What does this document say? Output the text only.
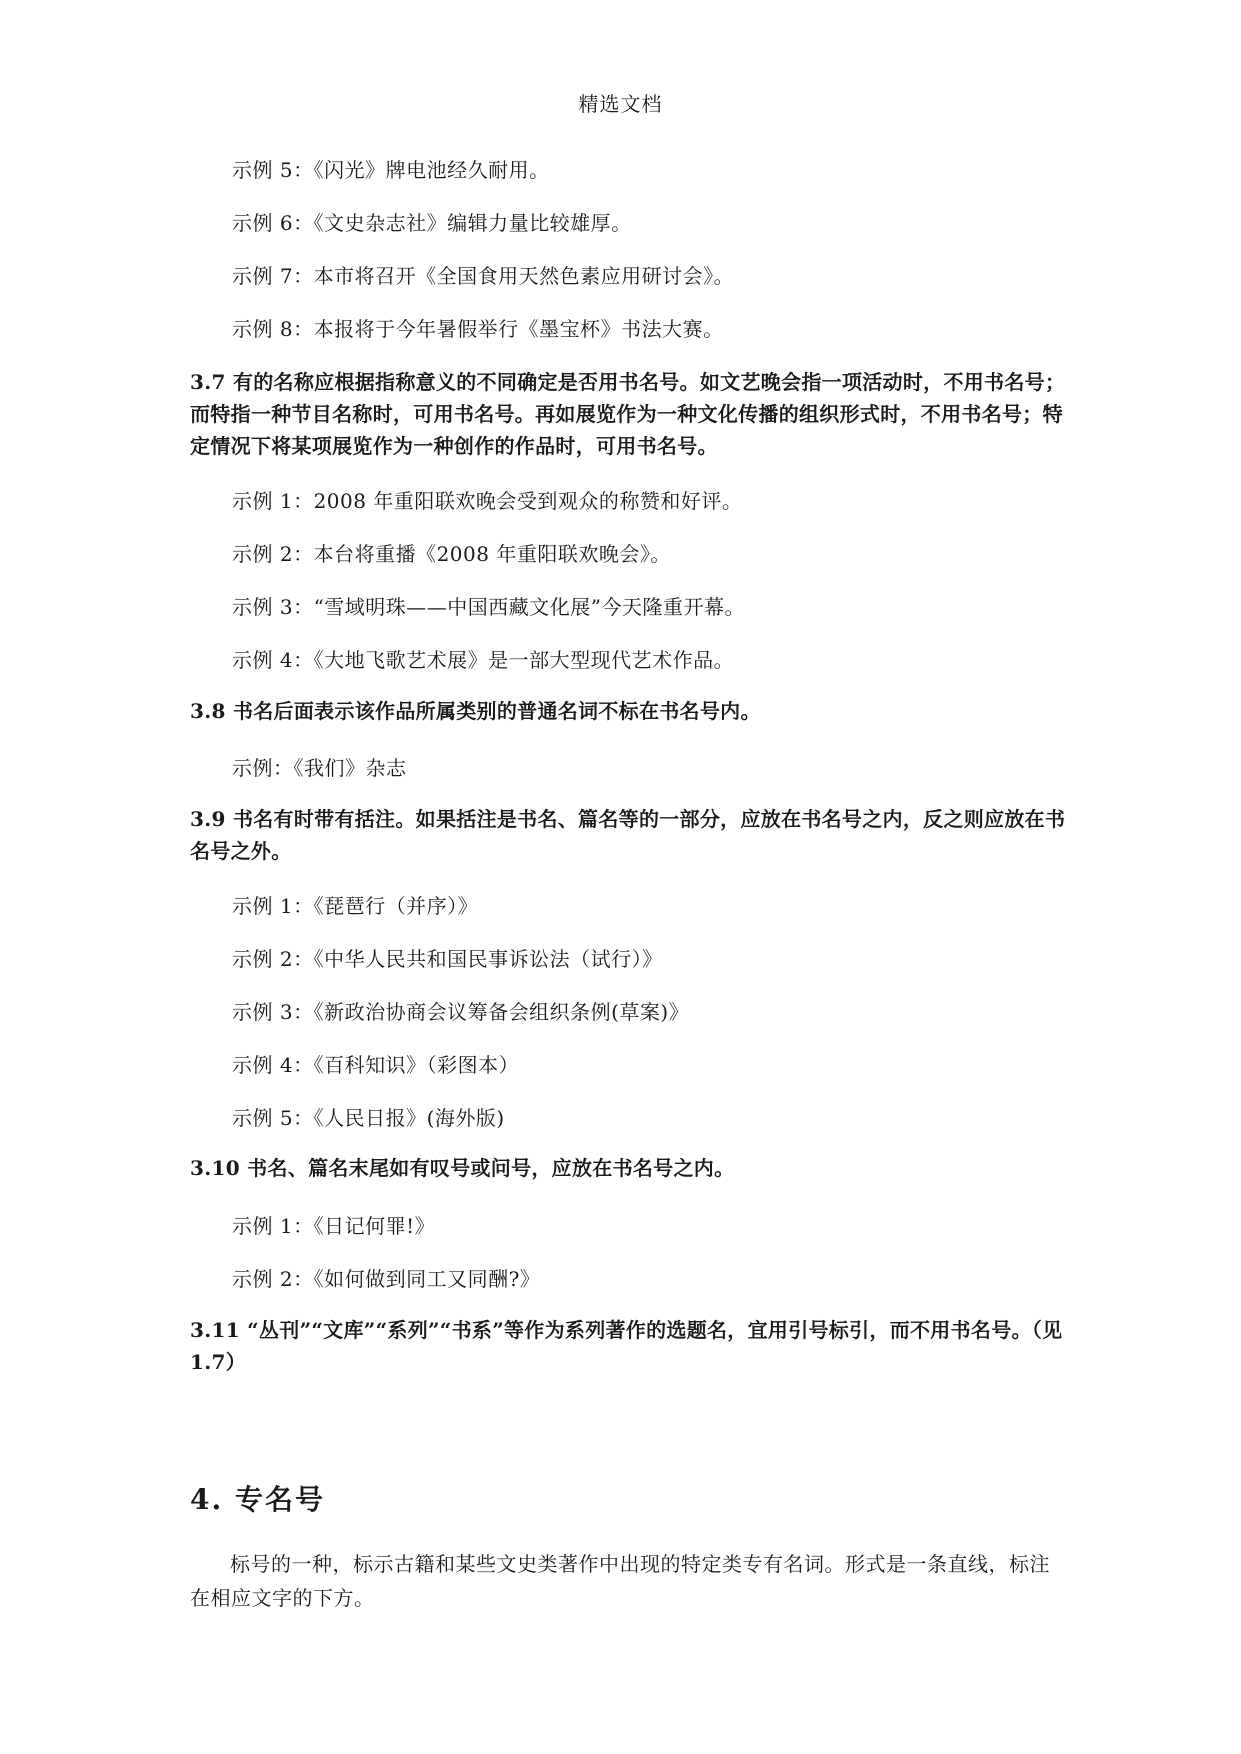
精选文档
示例 5：《闪光》牌电池经久耐用。
示例 6：《文史杂志社》编辑力量比较雄厚。
示例 7：本市将召开《全国食用天然色素应用研讨会》。
示例 8：本报将于今年暑假举行《墨宝杯》书法大赛。
3.7 有的名称应根据指称意义的不同确定是否用书名号。如文艺晚会指一项活动时，不用书名号；而特指一种节目名称时，可用书名号。再如展览作为一种文化传播的组织形式时，不用书名号；特定情况下将某项展览作为一种创作的作品时，可用书名号。
示例 1：2008 年重阳联欢晚会受到观众的称赞和好评。
示例 2：本台将重播《2008 年重阳联欢晚会》。
示例 3：“雪域明珠——中国西藏文化展”今天隆重开幕。
示例 4：《大地飞歌艺术展》是一部大型现代艺术作品。
3.8 书名后面表示该作品所属类别的普通名词不标在书名号内。
示例：《我们》杂志
3.9 书名有时带有括注。如果括注是书名、篇名等的一部分，应放在书名号之内，反之则应放在书名号之外。
示例 1：《琵琶行（并序）》
示例 2：《中华人民共和国民事诉讼法（试行）》
示例 3：《新政治协商会议筹备会组织条例(草案)》
示例 4：《百科知识》（彩图本）
示例 5：《人民日报》(海外版)
3.10 书名、篇名末尾如有叹号或问号，应放在书名号之内。
示例 1：《日记何罪!》
示例 2：《如何做到同工又同酬?》
3.11 “丛刊”“文库”“系列”“书系”等作为系列著作的选题名，宜用引号标引，而不用书名号。（见 1.7）
4. 专名号
标号的一种，标示古籍和某些文史类著作中出现的特定类专有名词。形式是一条直线，标注在相应文字的下方。
